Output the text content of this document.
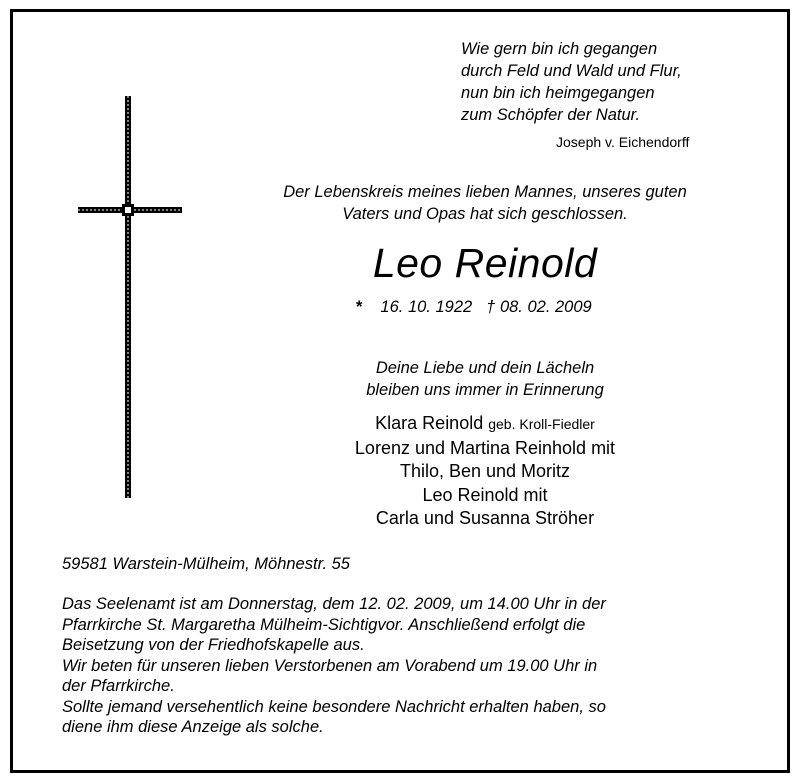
Wie gern bin ich gegangen
durch Feld und Wald und Flur,
nun bin ich heimgegangen
zum Schöpfer der Natur.
Joseph v. Eichendorff
Der Lebenskreis meines lieben Mannes, unseres guten
Vaters und Opas hat sich geschlossen.
Leo Reinold
* 16. 10. 1922 † 08. 02. 2009
Deine Liebe und dein Lächeln
bleiben uns immer in Erinnerung
Klara Reinold geb. Kroll-Fiedler
Lorenz und Martina Reinhold mit
Thilo, Ben und Moritz
Leo Reinold mit
Carla und Susanna Ströher
59581 Warstein-Mülheim, Möhnestr. 55
Das Seelenamt ist am Donnerstag, dem 12. 02. 2009, um 14.00 Uhr in der
Pfarrkirche St. Margaretha Mülheim-Sichtigvor. Anschließend erfolgt die
Beisetzung von der Friedhofskapelle aus.
Wir beten für unseren lieben Verstorbenen am Vorabend um 19.00 Uhr in
der Pfarrkirche.
Sollte jemand versehentlich keine besondere Nachricht erhalten haben, so
diene ihm diese Anzeige als solche.
